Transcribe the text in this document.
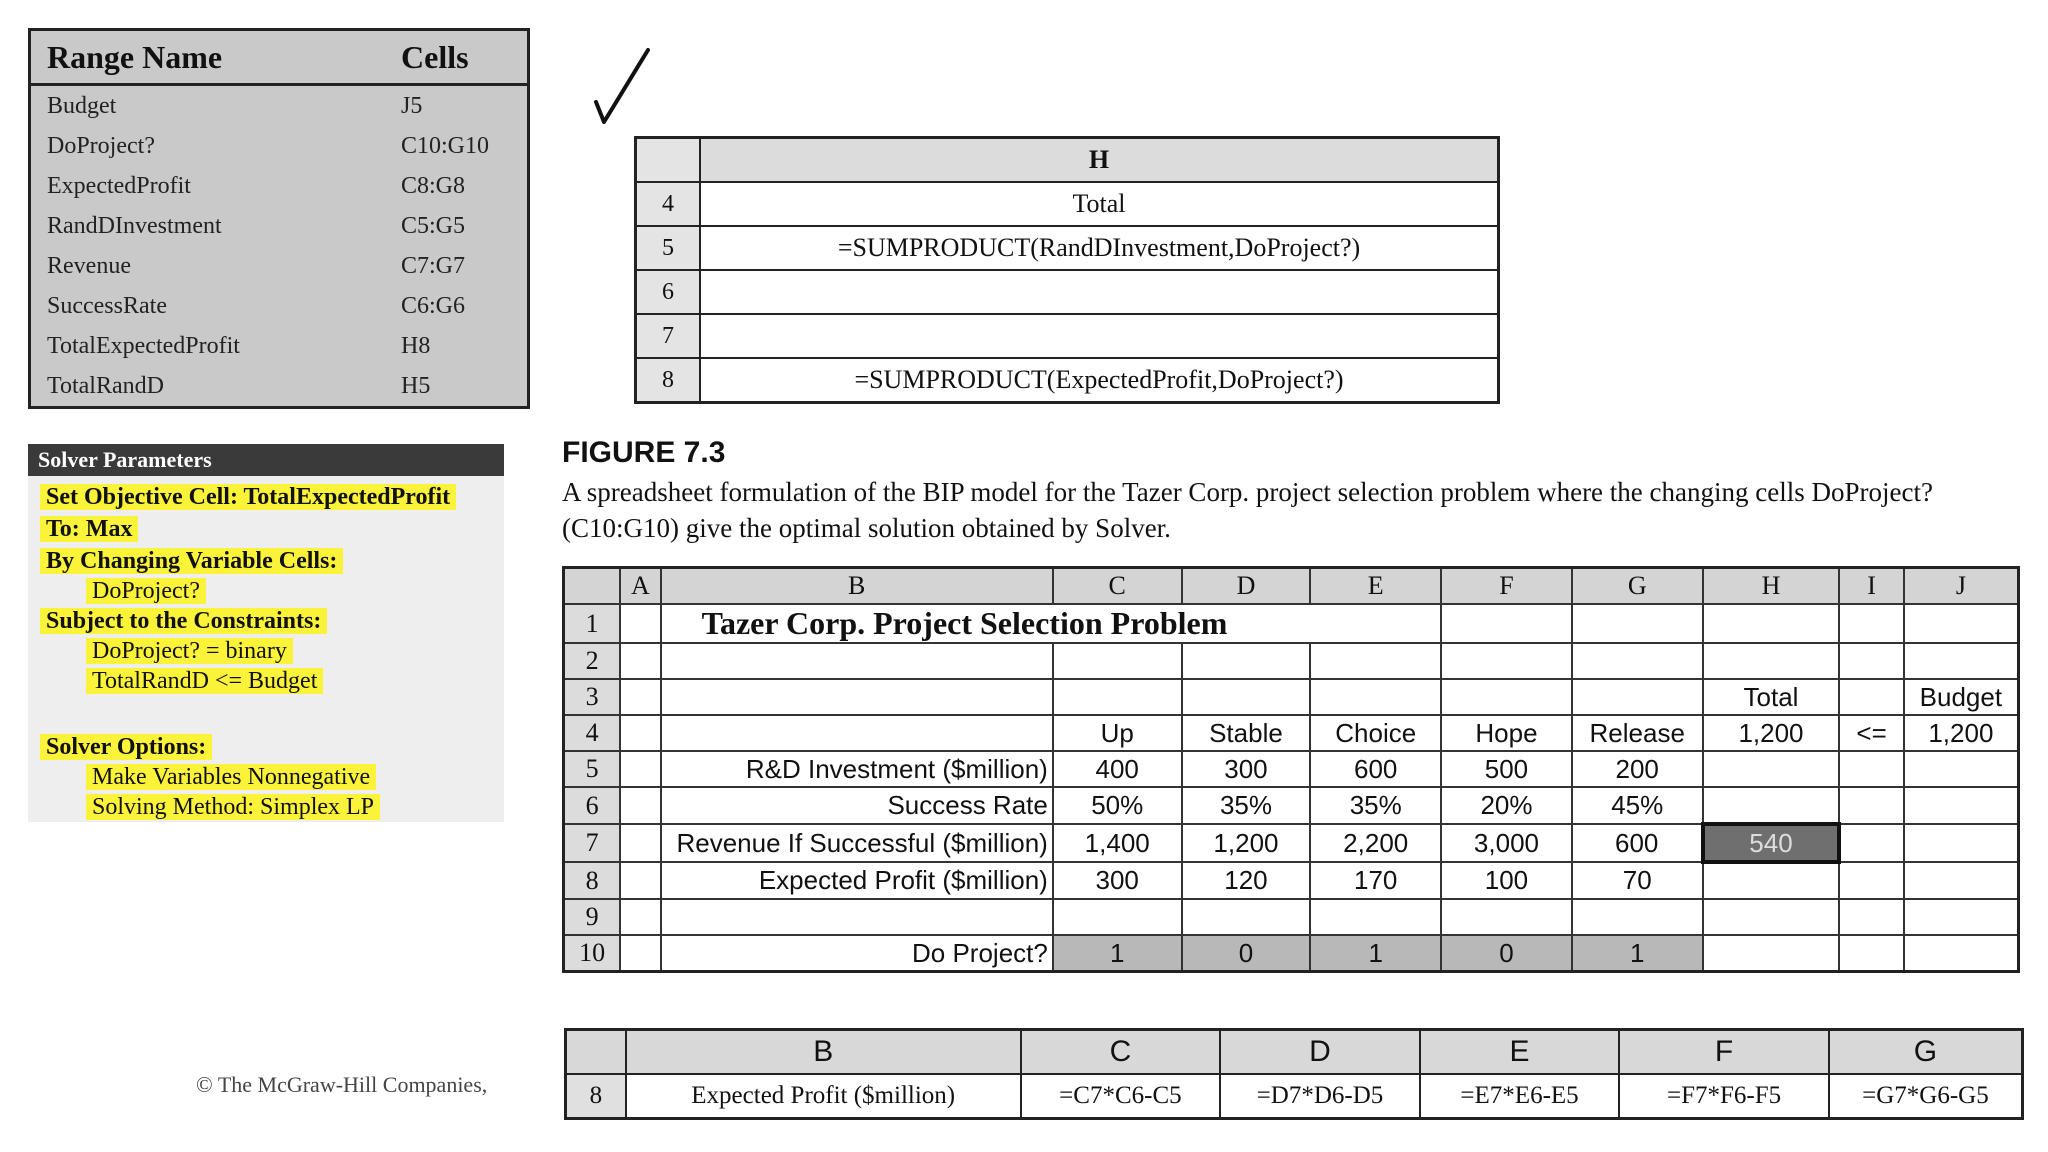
Range Name	Cells
Budget	J5
DoProject?	C10:G10
ExpectedProfit	C8:G8
RandDInvestment	C5:G5
Revenue	C7:G7
SuccessRate	C6:G6
TotalExpectedProfit	H8
TotalRandD	H5
	H
4	Total
5	=SUMPRODUCT(RandDInvestment,DoProject?)
6	
7	
8	=SUMPRODUCT(ExpectedProfit,DoProject?)
Solver Parameters
Set Objective Cell: TotalExpectedProfit
To: Max
By Changing Variable Cells:
DoProject?
Subject to the Constraints:
DoProject? = binary
TotalRandD <= Budget
Solver Options:
Make Variables Nonnegative
Solving Method: Simplex LP
FIGURE 7.3
A spreadsheet formulation of the BIP model for the Tazer Corp. project selection problem where the changing cells DoProject? (C10:G10) give the optimal solution obtained by Solver.
	A	B	C	D	E	F	G	H	I	J
1		Tazer Corp. Project Selection Problem								
2										
3								Total		Budget
4			Up	Stable	Choice	Hope	Release	1,200	<=	1,200
5		R&D Investment ($million)	400	300	600	500	200			
6		Success Rate	50%	35%	35%	20%	45%			
7		Revenue If Successful ($million)	1,400	1,200	2,200	3,000	600	540		
8		Expected Profit ($million)	300	120	170	100	70			
9										
10		Do Project?	1	0	1	0	1			
	B	C	D	E	F	G
8	Expected Profit ($million)	=C7*C6-C5	=D7*D6-D5	=E7*E6-E5	=F7*F6-F5	=G7*G6-G5
© The McGraw-Hill Companies,
